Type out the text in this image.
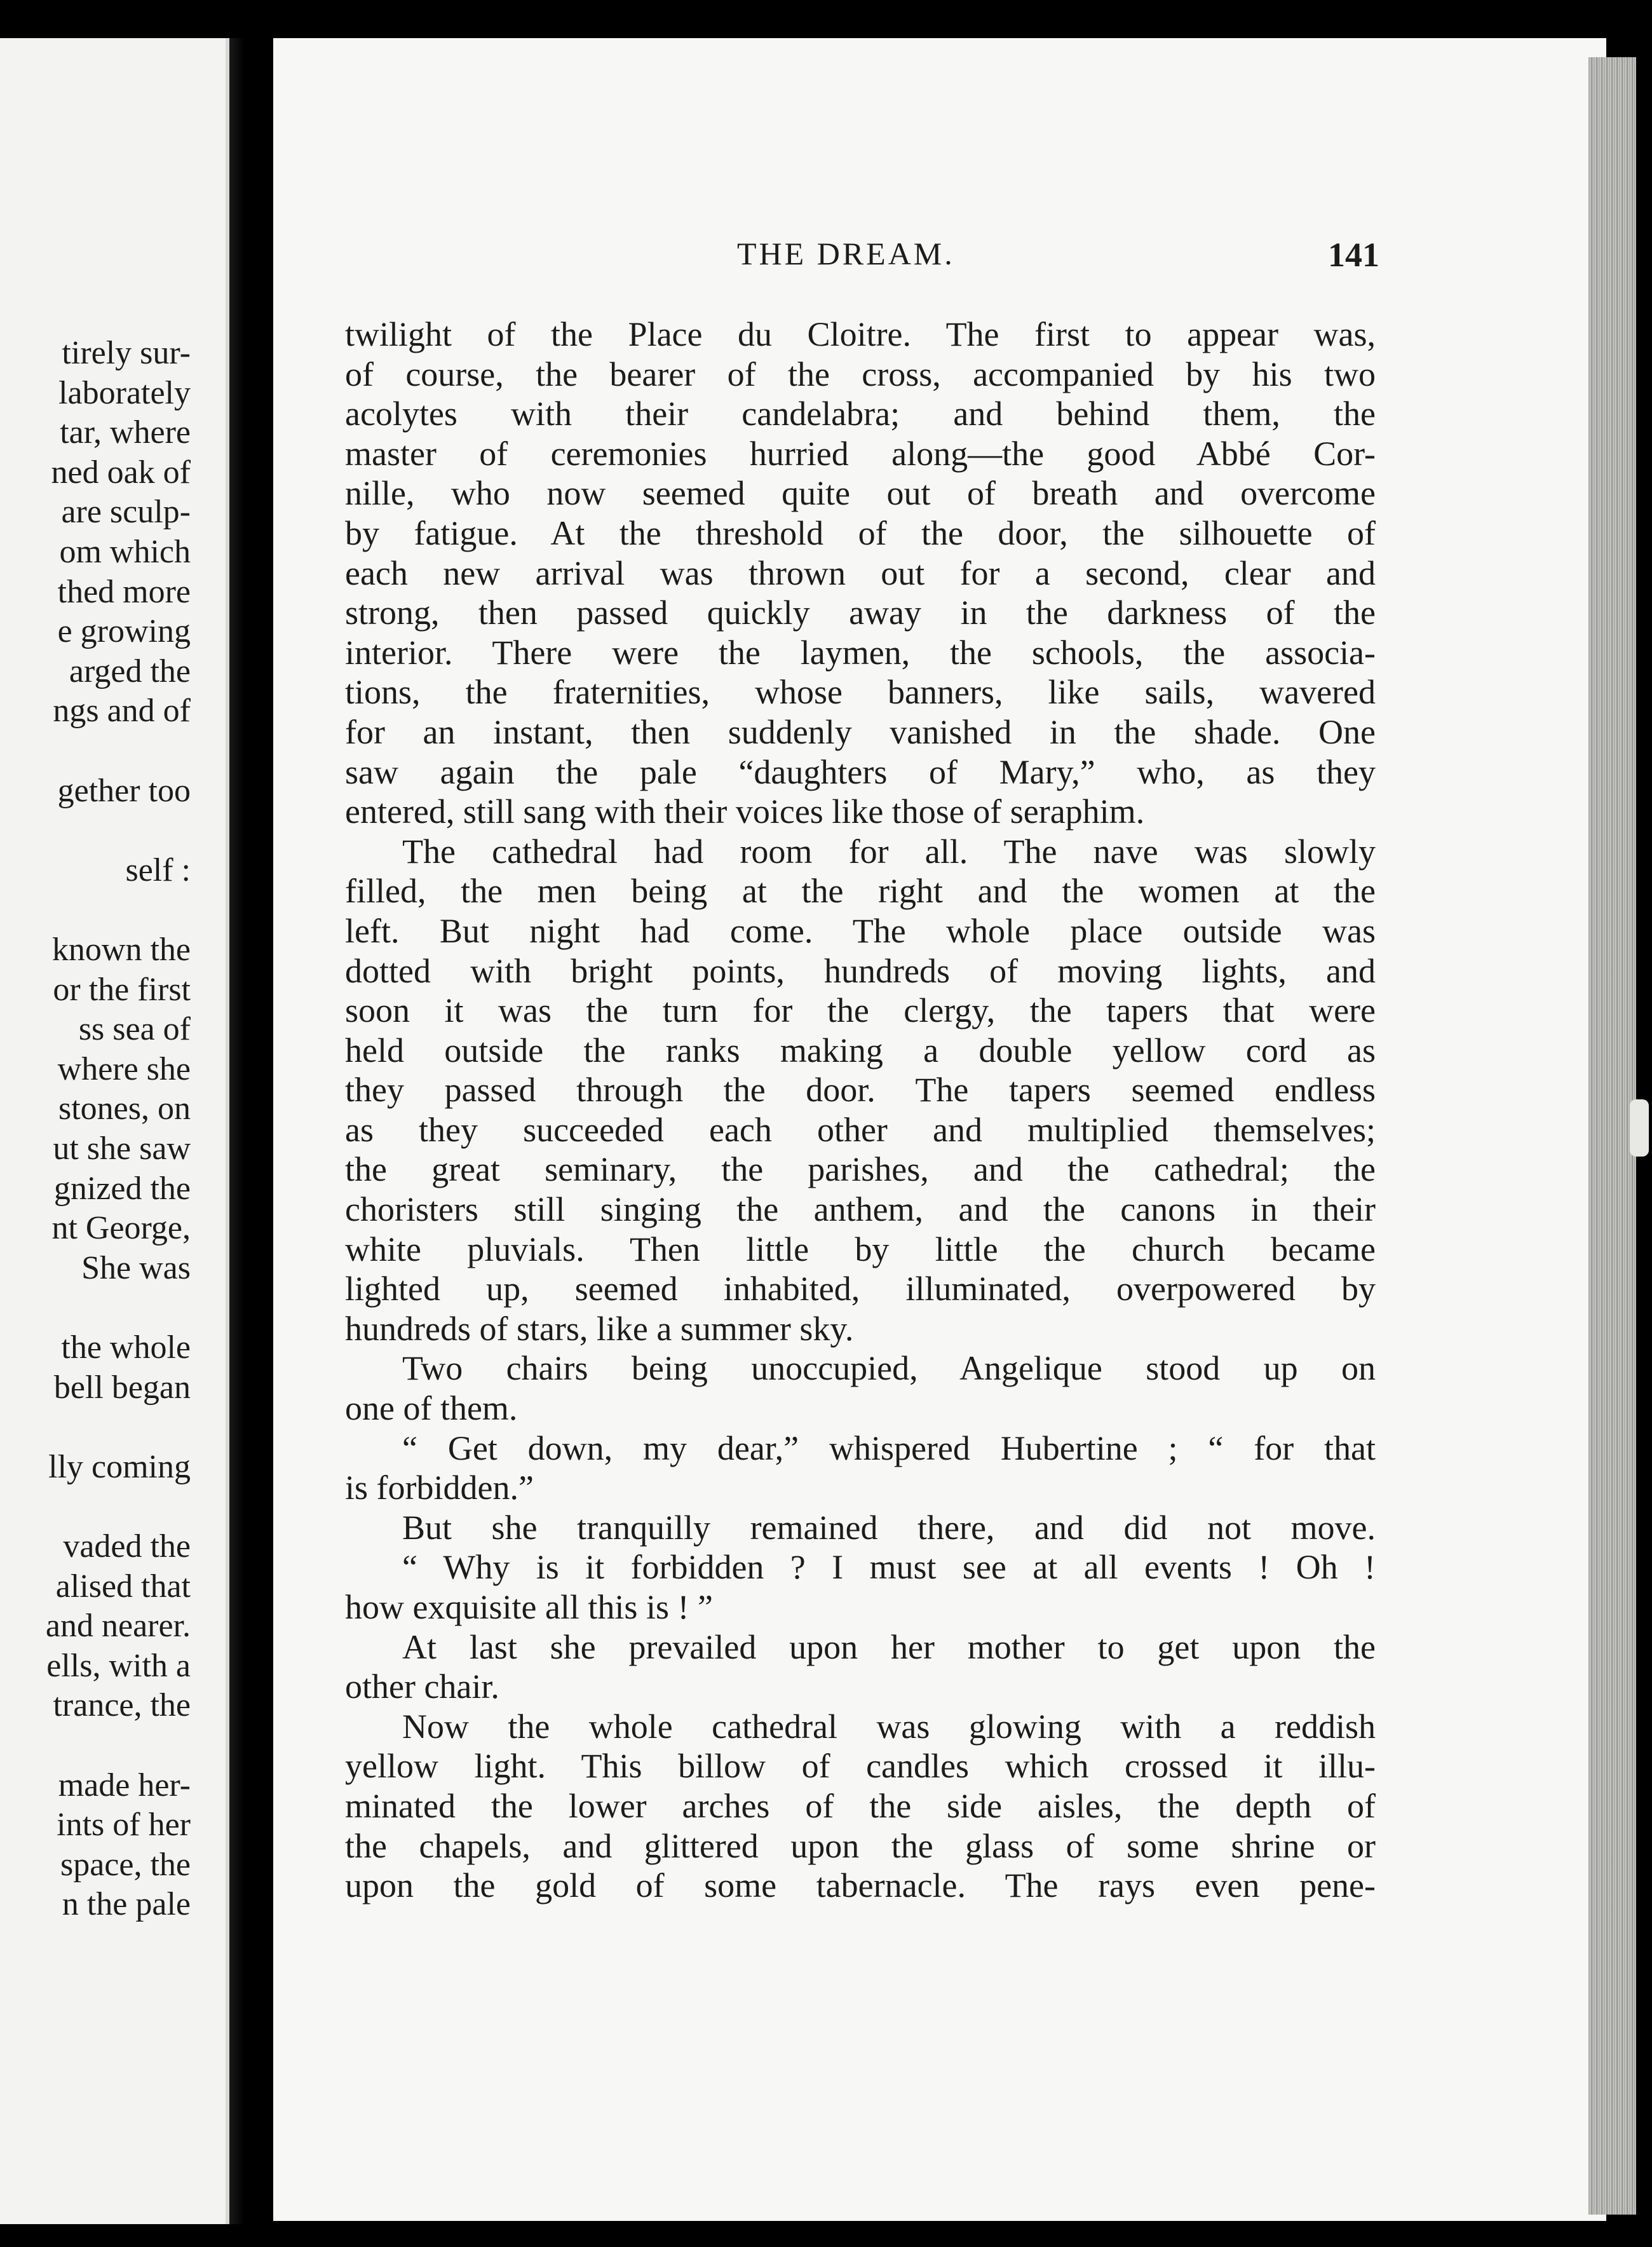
tirely sur-
laborately
tar, where
ned oak of
are sculp-
om which
thed more
e growing
arged the
ngs and of
gether too
self :
known the
or the first
ss sea of
where she
stones, on
ut she saw
gnized the
nt George,
She was
the whole
bell began
lly coming
vaded the
alised that
and nearer.
ells, with a
trance, the
made her-
ints of her
space, the
n the pale
THE DREAM.	141
twilight of the Place du Cloitre. The first to appear was,
of course, the bearer of the cross, accompanied by his two
acolytes with their candelabra; and behind them, the
master of ceremonies hurried along—the good Abbé Cor-
nille, who now seemed quite out of breath and overcome
by fatigue. At the threshold of the door, the silhouette of
each new arrival was thrown out for a second, clear and
strong, then passed quickly away in the darkness of the
interior. There were the laymen, the schools, the associa-
tions, the fraternities, whose banners, like sails, wavered
for an instant, then suddenly vanished in the shade. One
saw again the pale “daughters of Mary,” who, as they
entered, still sang with their voices like those of seraphim.
The cathedral had room for all. The nave was slowly
filled, the men being at the right and the women at the
left. But night had come. The whole place outside was
dotted with bright points, hundreds of moving lights, and
soon it was the turn for the clergy, the tapers that were
held outside the ranks making a double yellow cord as
they passed through the door. The tapers seemed endless
as they succeeded each other and multiplied themselves;
the great seminary, the parishes, and the cathedral; the
choristers still singing the anthem, and the canons in their
white pluvials. Then little by little the church became
lighted up, seemed inhabited, illuminated, overpowered by
hundreds of stars, like a summer sky.
Two chairs being unoccupied, Angelique stood up on
one of them.
“ Get down, my dear,” whispered Hubertine ; “ for that
is forbidden.”
But she tranquilly remained there, and did not move.
“ Why is it forbidden ? I must see at all events ! Oh !
how exquisite all this is ! ”
At last she prevailed upon her mother to get upon the
other chair.
Now the whole cathedral was glowing with a reddish
yellow light. This billow of candles which crossed it illu-
minated the lower arches of the side aisles, the depth of
the chapels, and glittered upon the glass of some shrine or
upon the gold of some tabernacle. The rays even pene-
